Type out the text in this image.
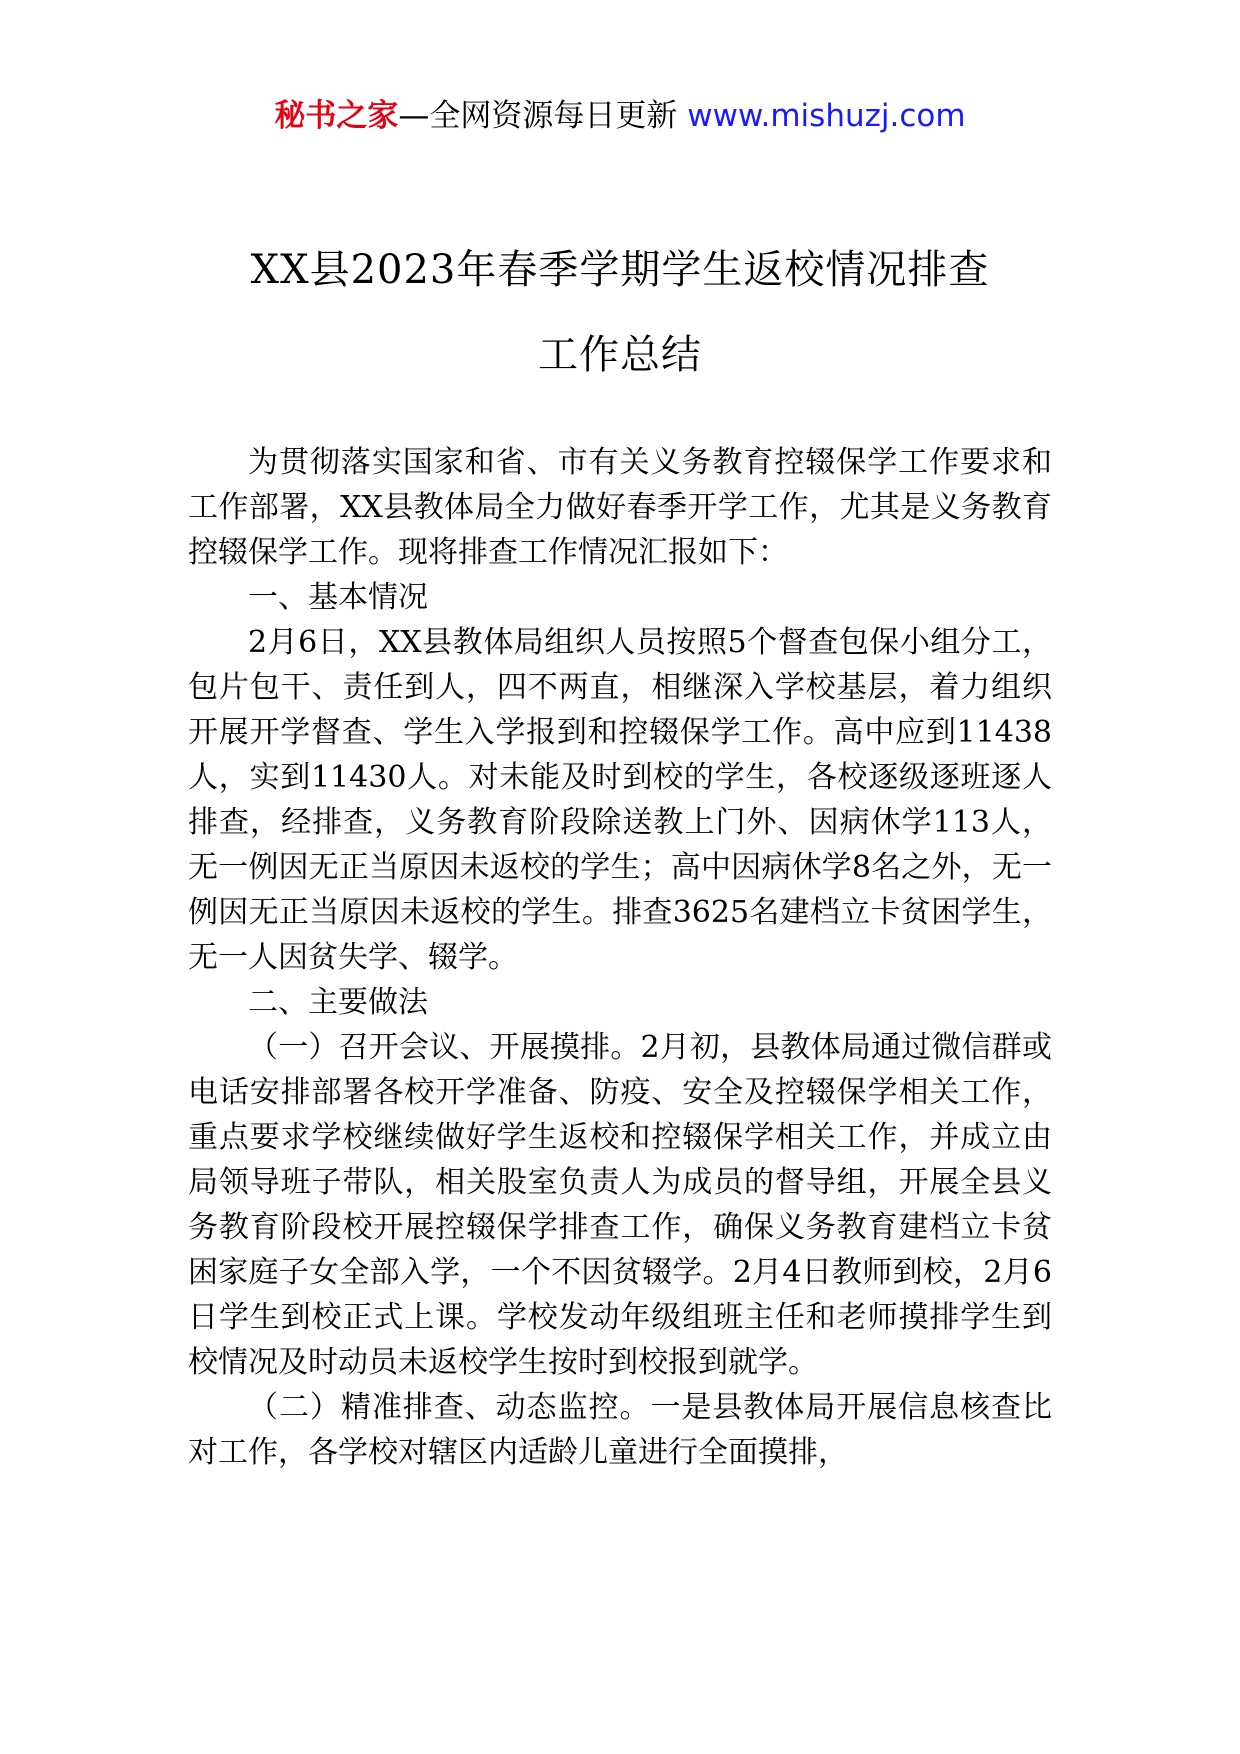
秘书之家—全网资源每日更新 www.mishuzj.com
XX县2023年春季学期学生返校情况排查
工作总结

为贯彻落实国家和省、市有关义务教育控辍保学工作要求和工作部署，XX县教体局全力做好春季开学工作，尤其是义务教育控辍保学工作。现将排查工作情况汇报如下：

一、基本情况

2月6日，XX县教体局组织人员按照5个督查包保小组分工，包片包干、责任到人，四不两直，相继深入学校基层，着力组织开展开学督查、学生入学报到和控辍保学工作。高中应到11438人，实到11430人。对未能及时到校的学生，各校逐级逐班逐人排查，经排查，义务教育阶段除送教上门外、因病休学113人，无一例因无正当原因未返校的学生；高中因病休学8名之外，无一例因无正当原因未返校的学生。排查3625名建档立卡贫困学生，无一人因贫失学、辍学。

二、主要做法

（一）召开会议、开展摸排。2月初，县教体局通过微信群或电话安排部署各校开学准备、防疫、安全及控辍保学相关工作，重点要求学校继续做好学生返校和控辍保学相关工作，并成立由局领导班子带队，相关股室负责人为成员的督导组，开展全县义务教育阶段校开展控辍保学排查工作，确保义务教育建档立卡贫困家庭子女全部入学，一个不因贫辍学。2月4日教师到校，2月6日学生到校正式上课。学校发动年级组班主任和老师摸排学生到校情况及时动员未返校学生按时到校报到就学。

（二）精准排查、动态监控。一是县教体局开展信息核查比对工作，各学校对辖区内适龄儿童进行全面摸排，
